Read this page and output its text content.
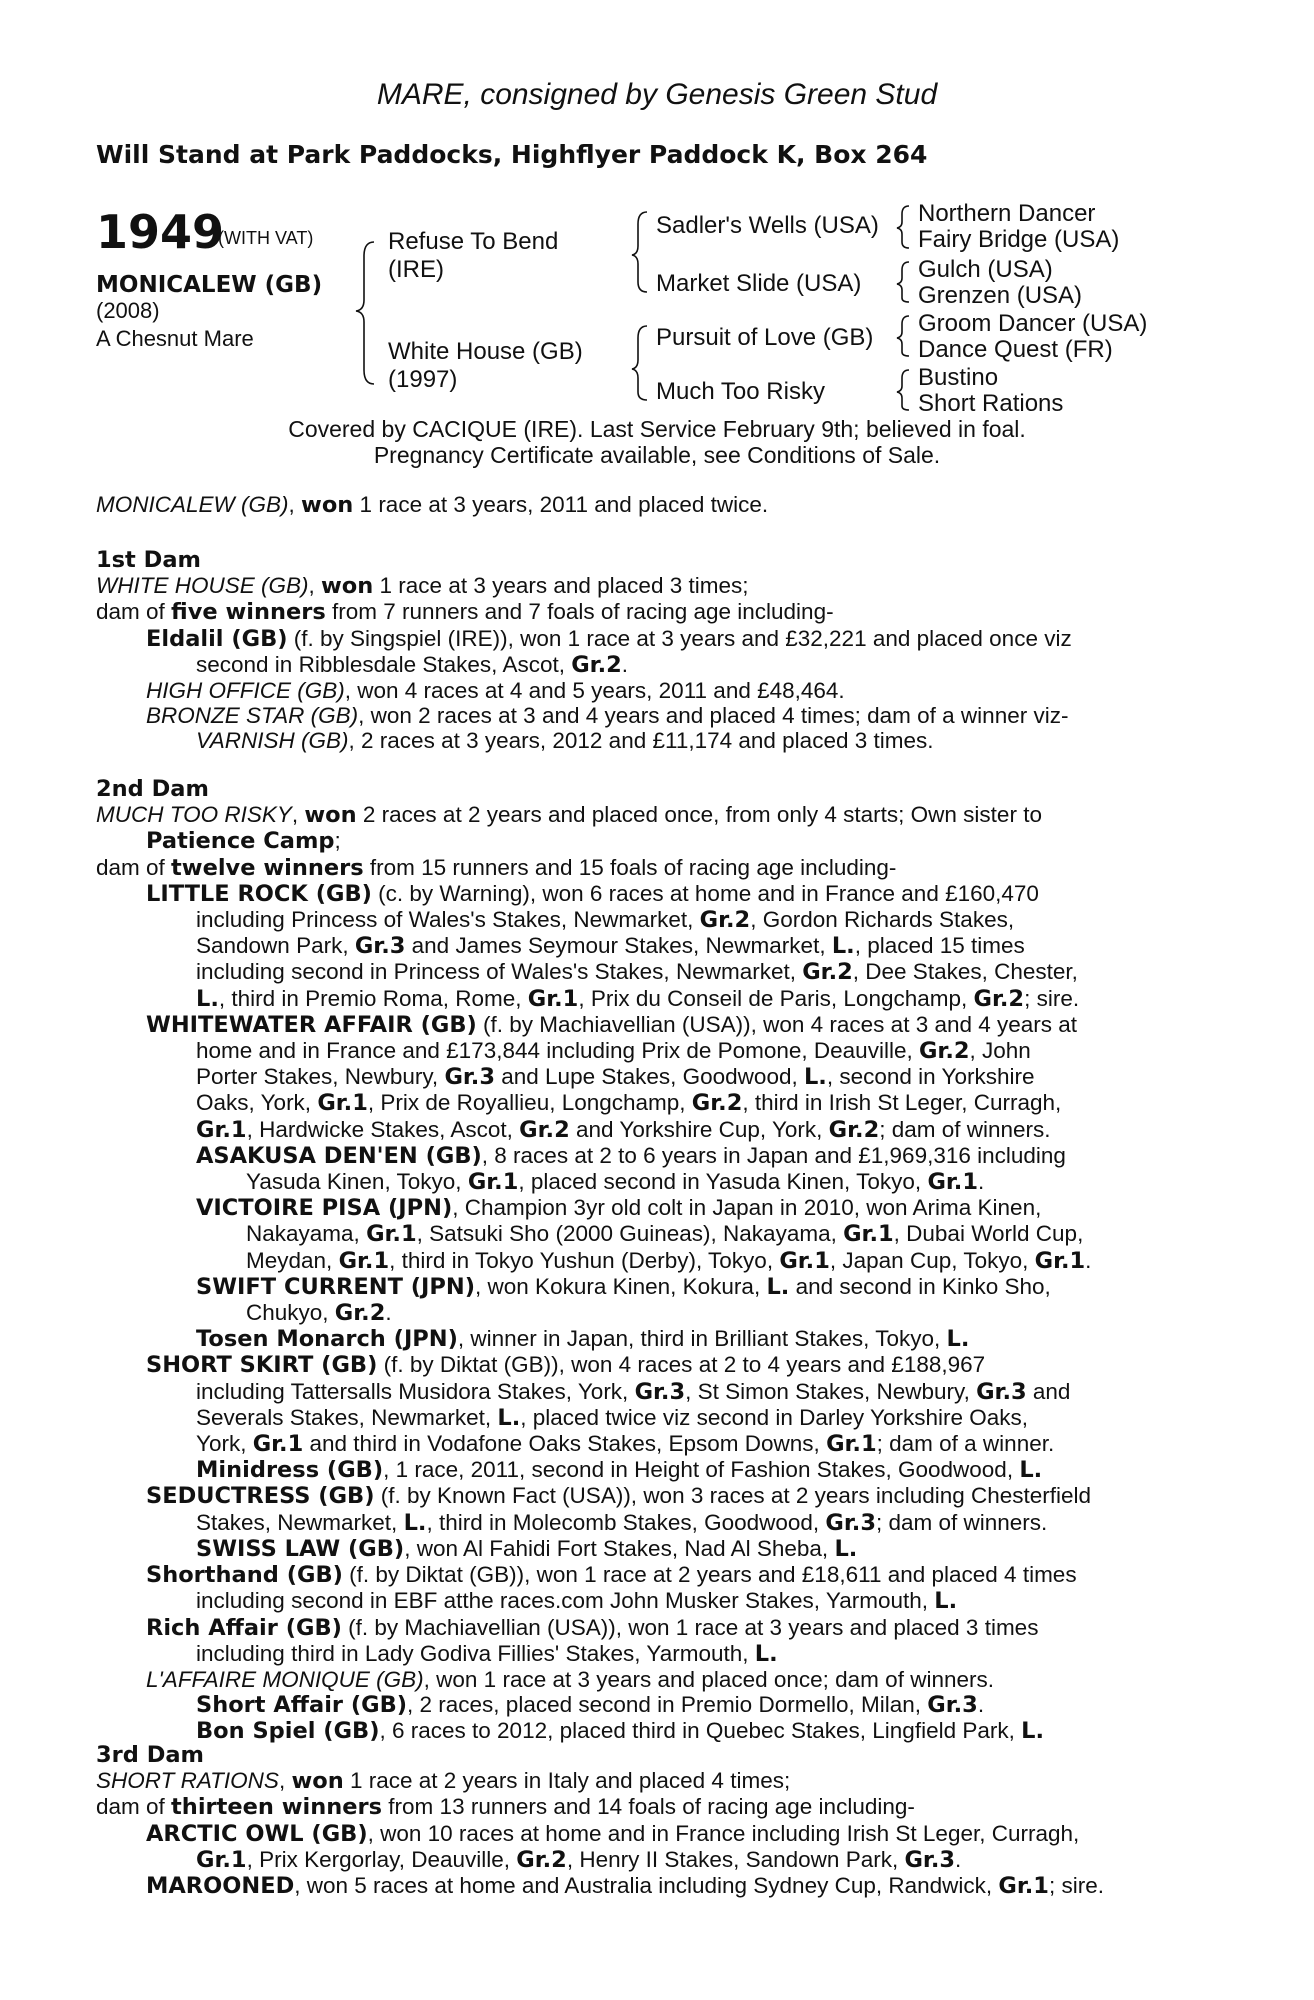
MARE, consigned by Genesis Green Stud
Will Stand at Park Paddocks, Highflyer Paddock K, Box 264
1949
(WITH VAT)
MONICALEW (GB)
(2008)
A Chesnut Mare
Refuse To Bend
(IRE)
White House (GB)
(1997)
Sadler's Wells (USA)
Market Slide (USA)
Pursuit of Love (GB)
Much Too Risky
Northern Dancer
Fairy Bridge (USA)
Gulch (USA)
Grenzen (USA)
Groom Dancer (USA)
Dance Quest (FR)
Bustino
Short Rations
Covered by CACIQUE (IRE). Last Service February 9th; believed in foal.
Pregnancy Certificate available, see Conditions of Sale.

MONICALEW (GB), won 1 race at 3 years, 2011 and placed twice.

1st Dam

WHITE HOUSE (GB), won 1 race at 3 years and placed 3 times;

dam of five winners from 7 runners and 7 foals of racing age including-

Eldalil (GB) (f. by Singspiel (IRE)), won 1 race at 3 years and £32,221 and placed once viz

second in Ribblesdale Stakes, Ascot, Gr.2.

HIGH OFFICE (GB), won 4 races at 4 and 5 years, 2011 and £48,464.

BRONZE STAR (GB), won 2 races at 3 and 4 years and placed 4 times; dam of a winner viz-

VARNISH (GB), 2 races at 3 years, 2012 and £11,174 and placed 3 times.

2nd Dam

MUCH TOO RISKY, won 2 races at 2 years and placed once, from only 4 starts; Own sister to

Patience Camp;

dam of twelve winners from 15 runners and 15 foals of racing age including-

LITTLE ROCK (GB) (c. by Warning), won 6 races at home and in France and £160,470

including Princess of Wales's Stakes, Newmarket, Gr.2, Gordon Richards Stakes,

Sandown Park, Gr.3 and James Seymour Stakes, Newmarket, L., placed 15 times

including second in Princess of Wales's Stakes, Newmarket, Gr.2, Dee Stakes, Chester,

L., third in Premio Roma, Rome, Gr.1, Prix du Conseil de Paris, Longchamp, Gr.2; sire.

WHITEWATER AFFAIR (GB) (f. by Machiavellian (USA)), won 4 races at 3 and 4 years at

home and in France and £173,844 including Prix de Pomone, Deauville, Gr.2, John

Porter Stakes, Newbury, Gr.3 and Lupe Stakes, Goodwood, L., second in Yorkshire

Oaks, York, Gr.1, Prix de Royallieu, Longchamp, Gr.2, third in Irish St Leger, Curragh,

Gr.1, Hardwicke Stakes, Ascot, Gr.2 and Yorkshire Cup, York, Gr.2; dam of winners.

ASAKUSA DEN'EN (GB), 8 races at 2 to 6 years in Japan and £1,969,316 including

Yasuda Kinen, Tokyo, Gr.1, placed second in Yasuda Kinen, Tokyo, Gr.1.

VICTOIRE PISA (JPN), Champion 3yr old colt in Japan in 2010, won Arima Kinen,

Nakayama, Gr.1, Satsuki Sho (2000 Guineas), Nakayama, Gr.1, Dubai World Cup,

Meydan, Gr.1, third in Tokyo Yushun (Derby), Tokyo, Gr.1, Japan Cup, Tokyo, Gr.1.

SWIFT CURRENT (JPN), won Kokura Kinen, Kokura, L. and second in Kinko Sho,

Chukyo, Gr.2.

Tosen Monarch (JPN), winner in Japan, third in Brilliant Stakes, Tokyo, L.

SHORT SKIRT (GB) (f. by Diktat (GB)), won 4 races at 2 to 4 years and £188,967

including Tattersalls Musidora Stakes, York, Gr.3, St Simon Stakes, Newbury, Gr.3 and

Severals Stakes, Newmarket, L., placed twice viz second in Darley Yorkshire Oaks,

York, Gr.1 and third in Vodafone Oaks Stakes, Epsom Downs, Gr.1; dam of a winner.

Minidress (GB), 1 race, 2011, second in Height of Fashion Stakes, Goodwood, L.

SEDUCTRESS (GB) (f. by Known Fact (USA)), won 3 races at 2 years including Chesterfield

Stakes, Newmarket, L., third in Molecomb Stakes, Goodwood, Gr.3; dam of winners.

SWISS LAW (GB), won Al Fahidi Fort Stakes, Nad Al Sheba, L.

Shorthand (GB) (f. by Diktat (GB)), won 1 race at 2 years and £18,611 and placed 4 times

including second in EBF atthe races.com John Musker Stakes, Yarmouth, L.

Rich Affair (GB) (f. by Machiavellian (USA)), won 1 race at 3 years and placed 3 times

including third in Lady Godiva Fillies' Stakes, Yarmouth, L.

L'AFFAIRE MONIQUE (GB), won 1 race at 3 years and placed once; dam of winners.

Short Affair (GB), 2 races, placed second in Premio Dormello, Milan, Gr.3.

Bon Spiel (GB), 6 races to 2012, placed third in Quebec Stakes, Lingfield Park, L.

3rd Dam

SHORT RATIONS, won 1 race at 2 years in Italy and placed 4 times;

dam of thirteen winners from 13 runners and 14 foals of racing age including-

ARCTIC OWL (GB), won 10 races at home and in France including Irish St Leger, Curragh,

Gr.1, Prix Kergorlay, Deauville, Gr.2, Henry II Stakes, Sandown Park, Gr.3.

MAROONED, won 5 races at home and Australia including Sydney Cup, Randwick, Gr.1; sire.
